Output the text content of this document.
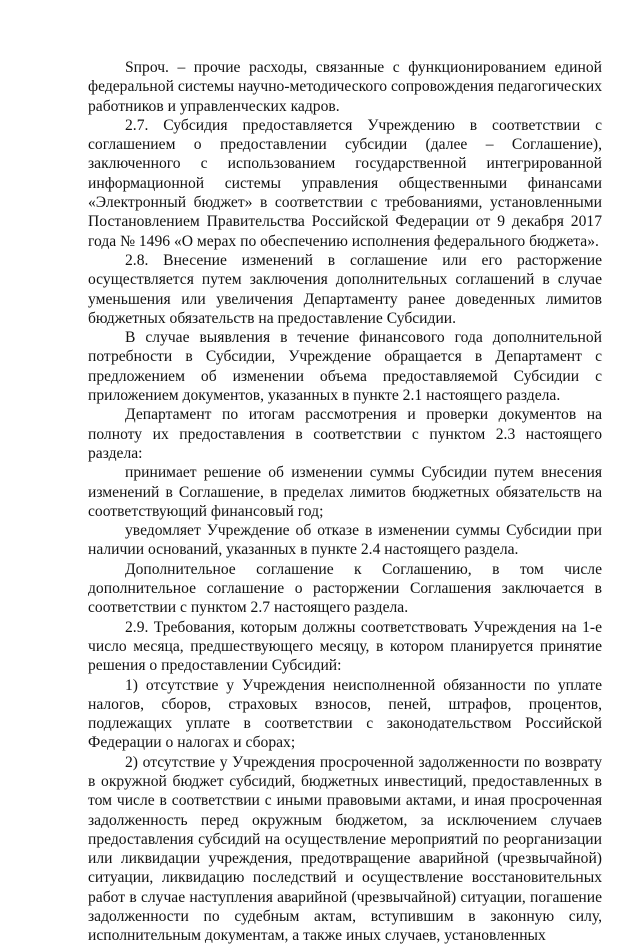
Sпроч. – прочие расходы, связанные с функционированием единой федеральной системы научно-методического сопровождения педагогических работников и управленческих кадров.

2.7. Субсидия предоставляется Учреждению в соответствии с соглашением о предоставлении субсидии (далее – Соглашение), заключенного с использованием государственной интегрированной информационной системы управления общественными финансами «Электронный бюджет» в соответствии с требованиями, установленными Постановлением Правительства Российской Федерации от 9 декабря 2017 года № 1496 «О мерах по обеспечению исполнения федерального бюджета».

2.8. Внесение изменений в соглашение или его расторжение осуществляется путем заключения дополнительных соглашений в случае уменьшения или увеличения Департаменту ранее доведенных лимитов бюджетных обязательств на предоставление Субсидии.

В случае выявления в течение финансового года дополнительной потребности в Субсидии, Учреждение обращается в Департамент с предложением об изменении объема предоставляемой Субсидии с приложением документов, указанных в пункте 2.1 настоящего раздела.

Департамент по итогам рассмотрения и проверки документов на полноту их предоставления в соответствии с пунктом 2.3 настоящего раздела:

принимает решение об изменении суммы Субсидии путем внесения изменений в Соглашение, в пределах лимитов бюджетных обязательств на соответствующий финансовый год;

уведомляет Учреждение об отказе в изменении суммы Субсидии при наличии оснований, указанных в пункте 2.4 настоящего раздела.

Дополнительное соглашение к Соглашению, в том числе дополнительное соглашение о расторжении Соглашения заключается в соответствии с пунктом 2.7 настоящего раздела.

2.9. Требования, которым должны соответствовать Учреждения на 1-е число месяца, предшествующего месяцу, в котором планируется принятие решения о предоставлении Субсидий:

1) отсутствие у Учреждения неисполненной обязанности по уплате налогов, сборов, страховых взносов, пеней, штрафов, процентов, подлежащих уплате в соответствии с законодательством Российской Федерации о налогах и сборах;

2) отсутствие у Учреждения просроченной задолженности по возврату в окружной бюджет субсидий, бюджетных инвестиций, предоставленных в том числе в соответствии с иными правовыми актами, и иная просроченная задолженность перед окружным бюджетом, за исключением случаев предоставления субсидий на осуществление мероприятий по реорганизации или ликвидации учреждения, предотвращение аварийной (чрезвычайной) ситуации, ликвидацию последствий и осуществление восстановительных работ в случае наступления аварийной (чрезвычайной) ситуации, погашение задолженности по судебным актам, вступившим в законную силу, исполнительным документам, а также иных случаев, установленных
